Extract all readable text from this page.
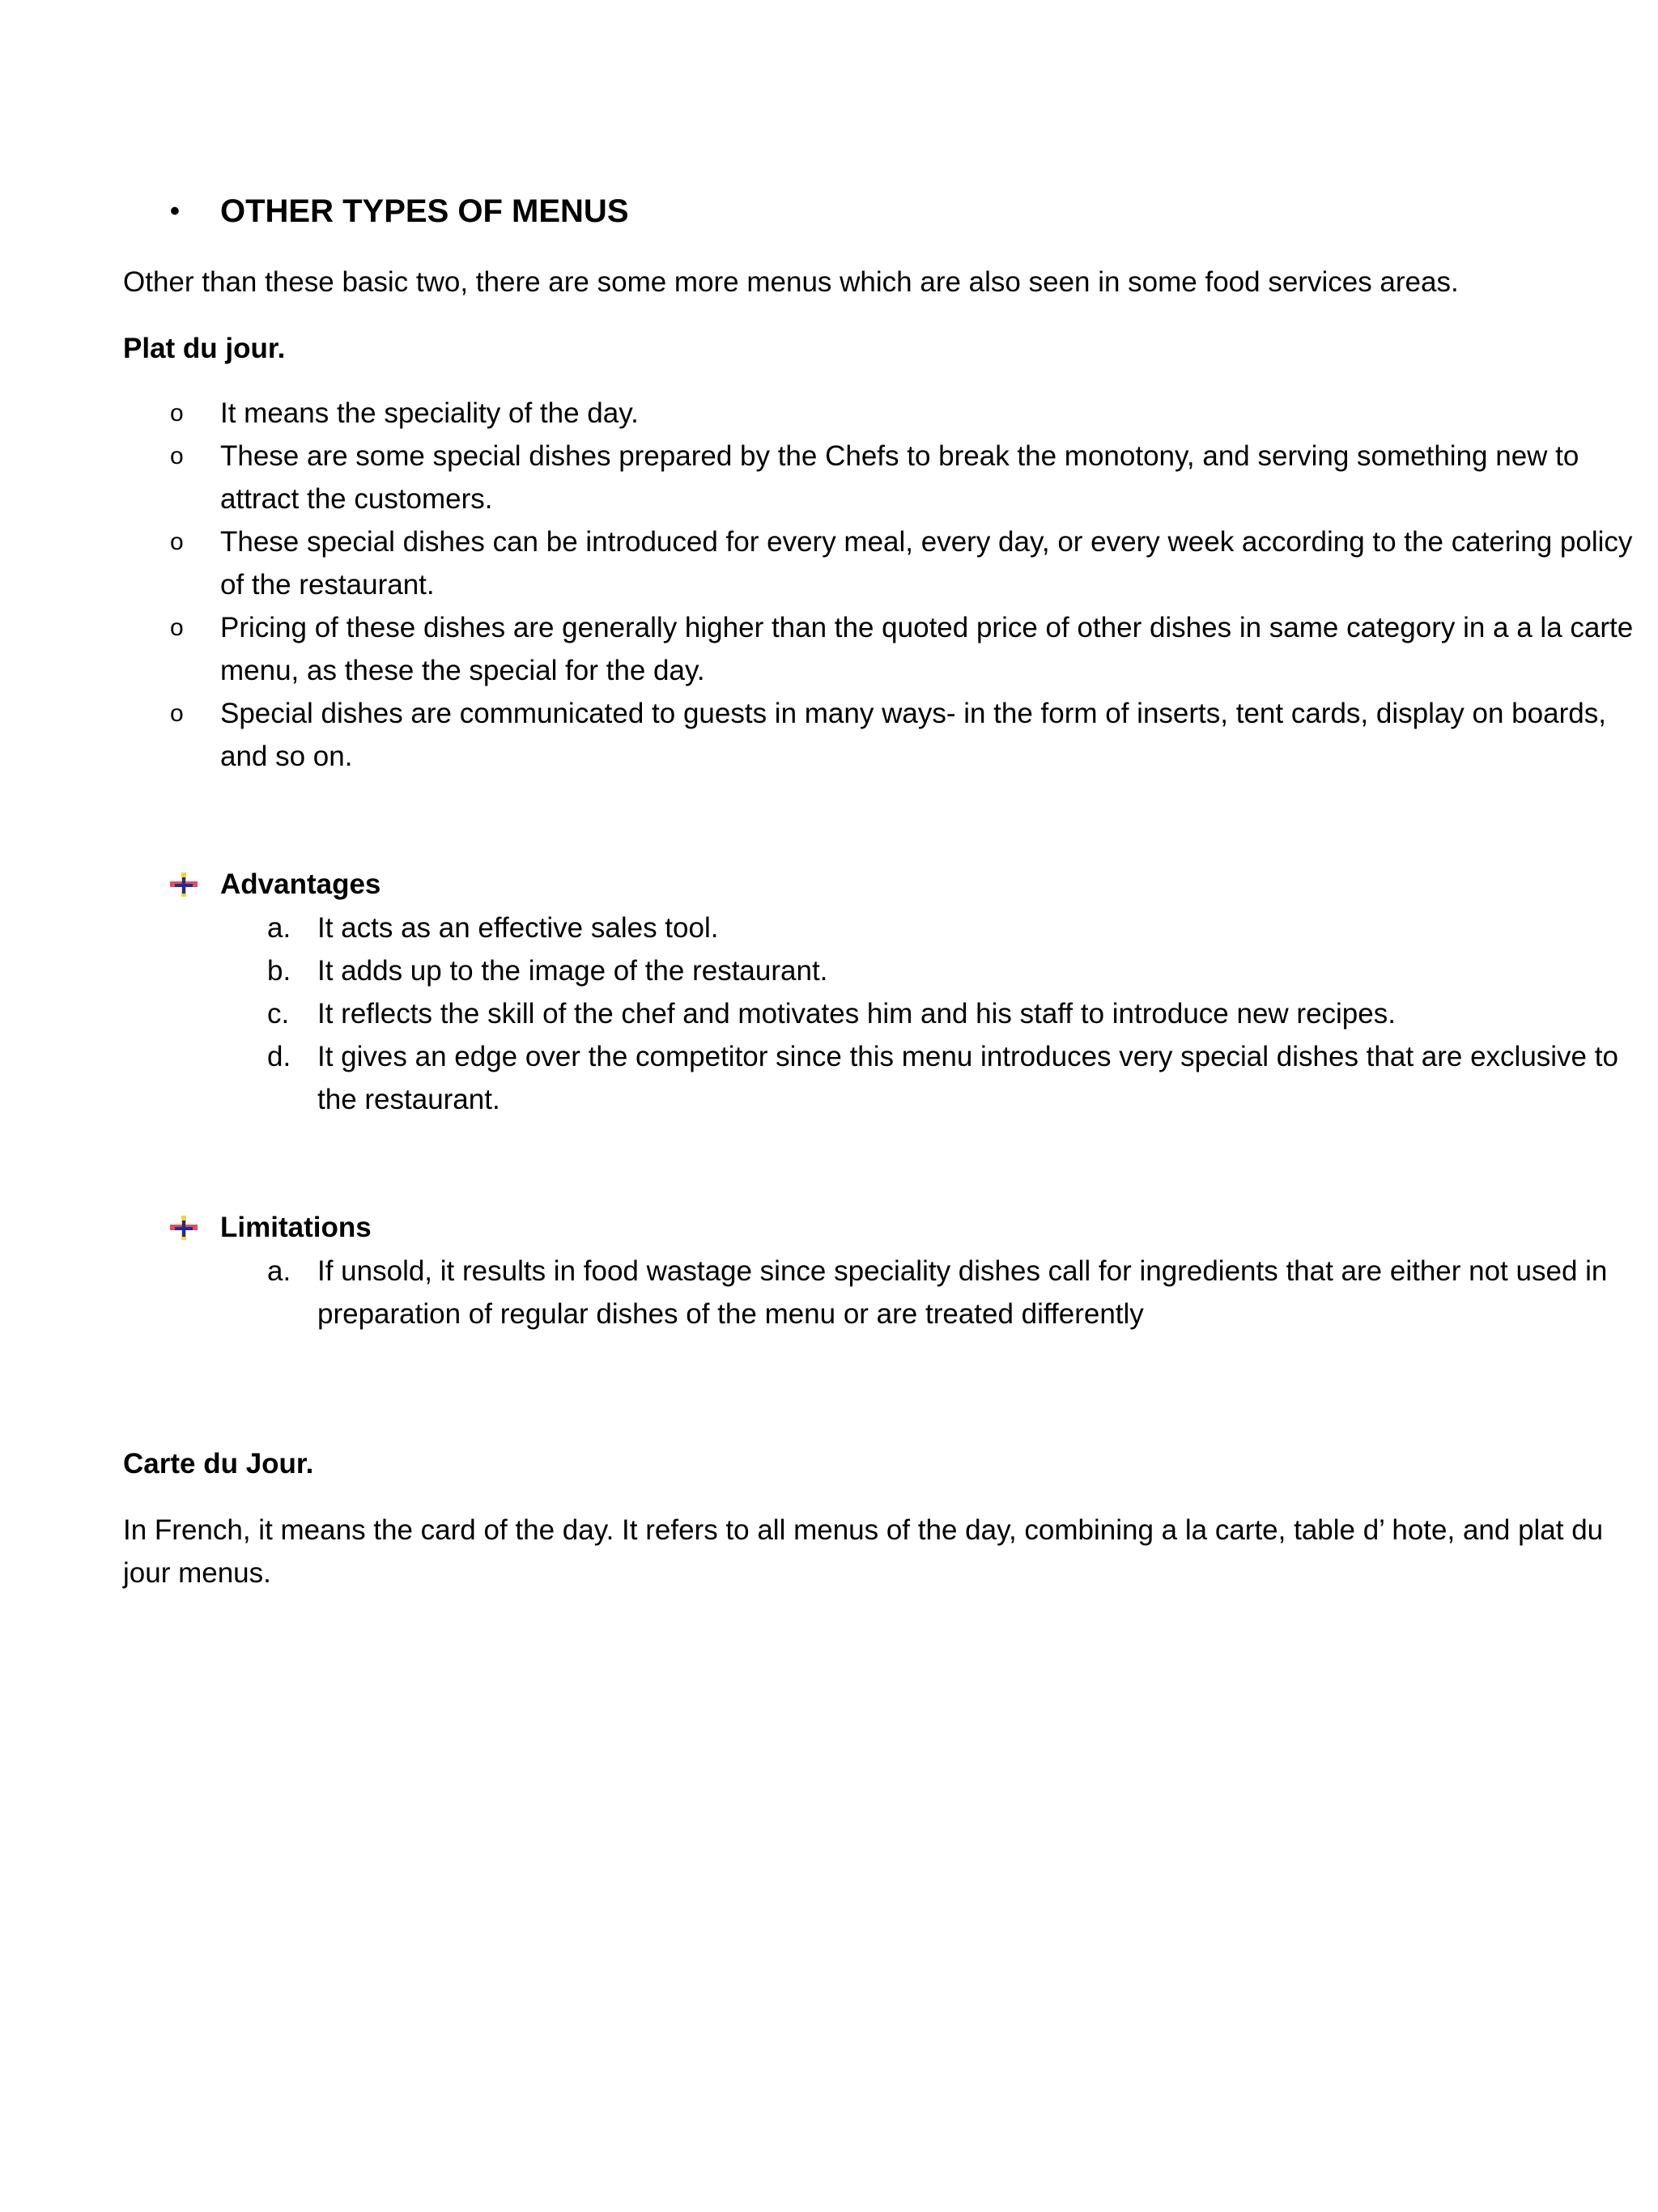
•	OTHER TYPES OF MENUS
Other than these basic two, there are some more menus which are also seen in some food services areas.
Plat du jour.
o	It means the speciality of the day.
o	These are some special dishes prepared by the Chefs to break the monotony, and serving something new to attract the customers.
o	These special dishes can be introduced for every meal, every day, or every week according to the catering policy of the restaurant.
o	Pricing of these dishes are generally higher than the quoted price of other dishes in same category in a a la carte menu, as these the special for the day.
o	Special dishes are communicated to guests in many ways- in the form of inserts, tent cards, display on boards, and so on.
Advantages
a. It acts as an effective sales tool.
b. It adds up to the image of the restaurant.
c. It reflects the skill of the chef and motivates him and his staff to introduce new recipes.
d. It gives an edge over the competitor since this menu introduces very special dishes that are exclusive to the restaurant.
Limitations
a. If unsold, it results in food wastage since speciality dishes call for ingredients that are either not used in preparation of regular dishes of the menu or are treated differently
Carte du Jour.
In French, it means the card of the day. It refers to all menus of the day, combining a la carte, table d’ hote, and plat du jour menus.
